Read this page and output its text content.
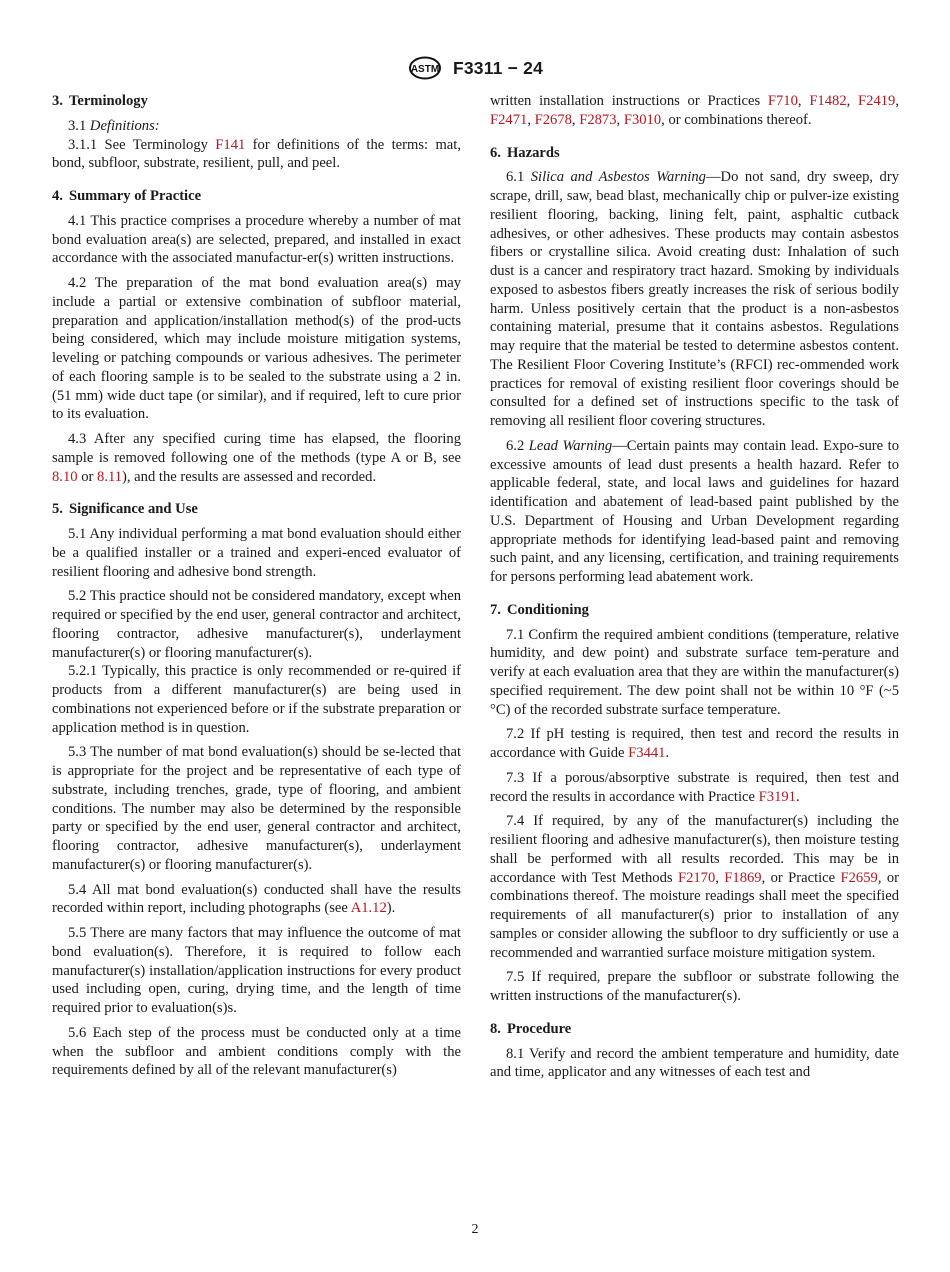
ASTM F3311 − 24
3. Terminology

3.1 Definitions:

3.1.1 See Terminology F141 for definitions of the terms: mat, bond, subfloor, substrate, resilient, pull, and peel.

4. Summary of Practice

4.1 This practice comprises a procedure whereby a number of mat bond evaluation area(s) are selected, prepared, and installed in exact accordance with the associated manufactur-er(s) written instructions.

4.2 The preparation of the mat bond evaluation area(s) may include a partial or extensive combination of subfloor material, preparation and application/installation method(s) of the prod-ucts being considered, which may include moisture mitigation systems, leveling or patching compounds or various adhesives. The perimeter of each flooring sample is to be sealed to the substrate using a 2 in. (51 mm) wide duct tape (or similar), and if required, left to cure prior to its evaluation.

4.3 After any specified curing time has elapsed, the flooring sample is removed following one of the methods (type A or B, see 8.10 or 8.11), and the results are assessed and recorded.

5. Significance and Use

5.1 Any individual performing a mat bond evaluation should either be a qualified installer or a trained and experi-enced evaluator of resilient flooring and adhesive bond strength.

5.2 This practice should not be considered mandatory, except when required or specified by the end user, general contractor and architect, flooring contractor, adhesive manufacturer(s), underlayment manufacturer(s) or flooring manufacturer(s).

5.2.1 Typically, this practice is only recommended or re-quired if products from a different manufacturer(s) are being used in combinations not experienced before or if the substrate preparation or application method is in question.

5.3 The number of mat bond evaluation(s) should be se-lected that is appropriate for the project and be representative of each type of substrate, including trenches, grade, type of flooring, and ambient conditions. The number may also be determined by the responsible party or specified by the end user, general contractor and architect, flooring contractor, adhesive manufacturer(s), underlayment manufacturer(s) or flooring manufacturer(s).

5.4 All mat bond evaluation(s) conducted shall have the results recorded within report, including photographs (see A1.12).

5.5 There are many factors that may influence the outcome of mat bond evaluation(s). Therefore, it is required to follow each manufacturer(s) installation/application instructions for every product used including open, curing, drying time, and the length of time required prior to evaluation(s)s.

5.6 Each step of the process must be conducted only at a time when the subfloor and ambient conditions comply with the requirements defined by all of the relevant manufacturer(s)

written installation instructions or Practices F710, F1482, F2419, F2471, F2678, F2873, F3010, or combinations thereof.

6. Hazards

6.1 Silica and Asbestos Warning—Do not sand, dry sweep, dry scrape, drill, saw, bead blast, mechanically chip or pulver-ize existing resilient flooring, backing, lining felt, paint, asphaltic cutback adhesives, or other adhesives. These products may contain asbestos fibers or crystalline silica. Avoid creating dust: Inhalation of such dust is a cancer and respiratory tract hazard. Smoking by individuals exposed to asbestos fibers greatly increases the risk of serious bodily harm. Unless positively certain that the product is a non-asbestos containing material, presume that it contains asbestos. Regulations may require that the material be tested to determine asbestos content. The Resilient Floor Covering Institute’s (RFCI) rec-ommended work practices for removal of existing resilient floor coverings should be consulted for a defined set of instructions specific to the task of removing all resilient floor covering structures.

6.2 Lead Warning—Certain paints may contain lead. Expo-sure to excessive amounts of lead dust presents a health hazard. Refer to applicable federal, state, and local laws and guidelines for hazard identification and abatement of lead-based paint published by the U.S. Department of Housing and Urban Development regarding appropriate methods for identifying lead-based paint and removing such paint, and any licensing, certification, and training requirements for persons performing lead abatement work.

7. Conditioning

7.1 Confirm the required ambient conditions (temperature, relative humidity, and dew point) and substrate surface tem-perature and verify at each evaluation area that they are within the manufacturer(s) specified requirement. The dew point shall not be within 10 °F (~5 °C) of the recorded substrate surface temperature.

7.2 If pH testing is required, then test and record the results in accordance with Guide F3441.

7.3 If a porous/absorptive substrate is required, then test and record the results in accordance with Practice F3191.

7.4 If required, by any of the manufacturer(s) including the resilient flooring and adhesive manufacturer(s), then moisture testing shall be performed with all results recorded. This may be in accordance with Test Methods F2170, F1869, or Practice F2659, or combinations thereof. The moisture readings shall meet the specified requirements of all manufacturer(s) prior to installation of any samples or consider allowing the subfloor to dry sufficiently or use a recommended and warrantied surface moisture mitigation system.

7.5 If required, prepare the subfloor or substrate following the written instructions of the manufacturer(s).

8. Procedure

8.1 Verify and record the ambient temperature and humidity, date and time, applicator and any witnesses of each test and

2
